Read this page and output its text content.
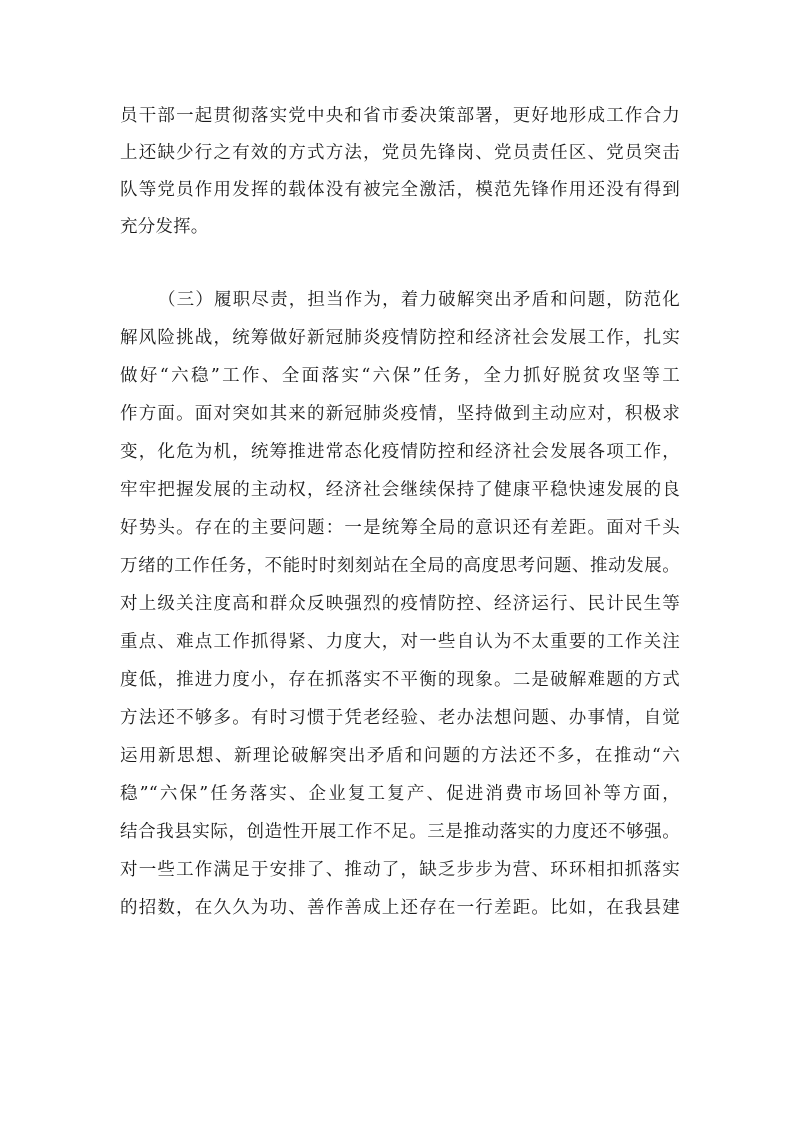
员干部一起贯彻落实党中央和省市委决策部署，更好地形成工作合力
上还缺少行之有效的方式方法，党员先锋岗、党员责任区、党员突击
队等党员作用发挥的载体没有被完全激活，模范先锋作用还没有得到
充分发挥。
（三）履职尽责，担当作为，着力破解突出矛盾和问题，防范化
解风险挑战，统筹做好新冠肺炎疫情防控和经济社会发展工作，扎实
做好“六稳”工作、全面落实“六保”任务，全力抓好脱贫攻坚等工
作方面。面对突如其来的新冠肺炎疫情，坚持做到主动应对，积极求
变，化危为机，统筹推进常态化疫情防控和经济社会发展各项工作，
牢牢把握发展的主动权，经济社会继续保持了健康平稳快速发展的良
好势头。存在的主要问题：一是统筹全局的意识还有差距。面对千头
万绪的工作任务，不能时时刻刻站在全局的高度思考问题、推动发展。
对上级关注度高和群众反映强烈的疫情防控、经济运行、民计民生等
重点、难点工作抓得紧、力度大，对一些自认为不太重要的工作关注
度低，推进力度小，存在抓落实不平衡的现象。二是破解难题的方式
方法还不够多。有时习惯于凭老经验、老办法想问题、办事情，自觉
运用新思想、新理论破解突出矛盾和问题的方法还不多，在推动“六
稳”“六保”任务落实、企业复工复产、促进消费市场回补等方面，
结合我县实际，创造性开展工作不足。三是推动落实的力度还不够强。
对一些工作满足于安排了、推动了，缺乏步步为营、环环相扣抓落实
的招数，在久久为功、善作善成上还存在一行差距。比如，在我县建
